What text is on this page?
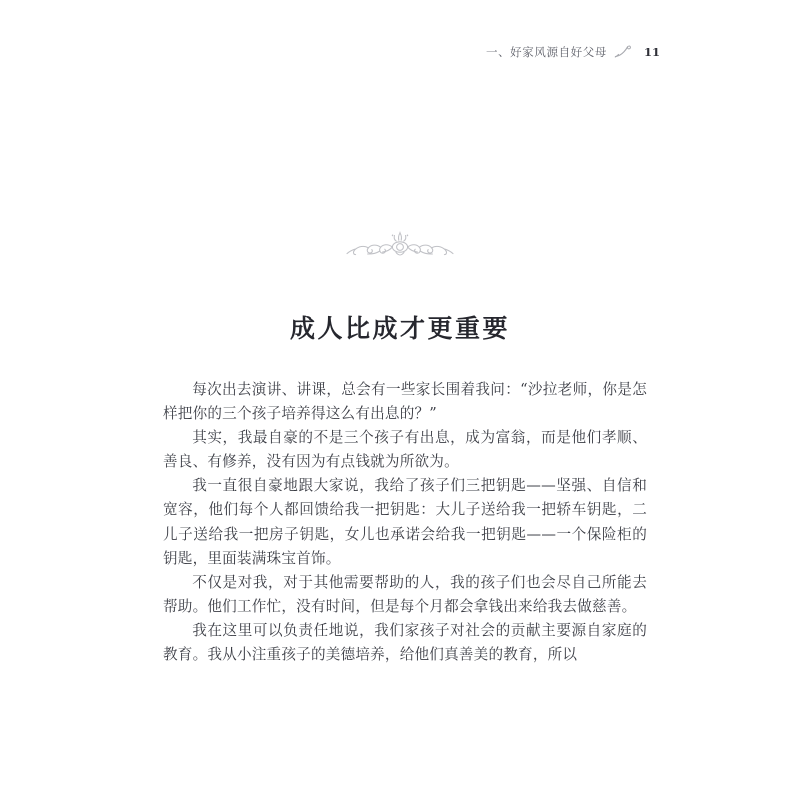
一、好家风源自好父母	11
成人比成才更重要

每次出去演讲、讲课，总会有一些家长围着我问：“沙拉老师，你是怎样把你的三个孩子培养得这么有出息的？”

其实，我最自豪的不是三个孩子有出息，成为富翁，而是他们孝顺、善良、有修养，没有因为有点钱就为所欲为。

我一直很自豪地跟大家说，我给了孩子们三把钥匙——坚强、自信和宽容，他们每个人都回馈给我一把钥匙：大儿子送给我一把轿车钥匙，二儿子送给我一把房子钥匙，女儿也承诺会给我一把钥匙——一个保险柜的钥匙，里面装满珠宝首饰。

不仅是对我，对于其他需要帮助的人，我的孩子们也会尽自己所能去帮助。他们工作忙，没有时间，但是每个月都会拿钱出来给我去做慈善。

我在这里可以负责任地说，我们家孩子对社会的贡献主要源自家庭的教育。我从小注重孩子的美德培养，给他们真善美的教育，所以
